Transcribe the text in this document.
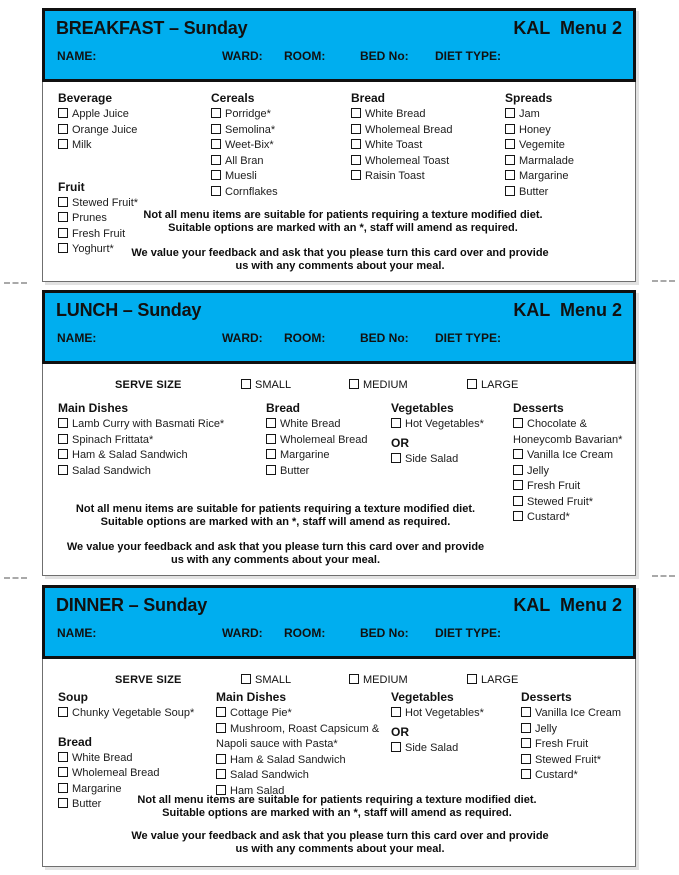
BREAKFAST – Sunday	KAL  Menu 2
NAME:	WARD: ROOM:	BED No: DIET TYPE:
Beverage
Apple Juice
Orange Juice
Milk
Fruit
Stewed Fruit*
Prunes
Fresh Fruit
Yoghurt*
Cereals
Porridge*
Semolina*
Weet-Bix*
All Bran
Muesli
Cornflakes
Bread
White Bread
Wholemeal Bread
White Toast
Wholemeal Toast
Raisin Toast
Spreads
Jam
Honey
Vegemite
Marmalade
Margarine
Butter
Not all menu items are suitable for patients requiring a texture modified diet.
Suitable options are marked with an *, staff will amend as required.
We value your feedback and ask that you please turn this card over and provide
us with any comments about your meal.
LUNCH – Sunday	KAL  Menu 2
NAME:	WARD: ROOM:	BED No: DIET TYPE:
SERVE SIZE	SMALL	MEDIUM	LARGE
Main Dishes
Lamb Curry with Basmati Rice*
Spinach Frittata*
Ham & Salad Sandwich
Salad Sandwich
Bread
White Bread
Wholemeal Bread
Margarine
Butter
Vegetables
Hot Vegetables*
OR
Side Salad
Desserts
Chocolate & Honeycomb Bavarian*
Vanilla Ice Cream
Jelly
Fresh Fruit
Stewed Fruit*
Custard*
Not all menu items are suitable for patients requiring a texture modified diet.
Suitable options are marked with an *, staff will amend as required.
We value your feedback and ask that you please turn this card over and provide
us with any comments about your meal.
DINNER – Sunday	KAL  Menu 2
NAME:	WARD: ROOM:	BED No: DIET TYPE:
SERVE SIZE	SMALL	MEDIUM	LARGE
Soup
Chunky Vegetable Soup*
Bread
White Bread
Wholemeal Bread
Margarine
Butter
Main Dishes
Cottage Pie*
Mushroom, Roast Capsicum & Napoli sauce with Pasta*
Ham & Salad Sandwich
Salad Sandwich
Ham Salad
Vegetables
Hot Vegetables*
OR
Side Salad
Desserts
Vanilla Ice Cream
Jelly
Fresh Fruit
Stewed Fruit*
Custard*
Not all menu items are suitable for patients requiring a texture modified diet.
Suitable options are marked with an *, staff will amend as required.
We value your feedback and ask that you please turn this card over and provide
us with any comments about your meal.
